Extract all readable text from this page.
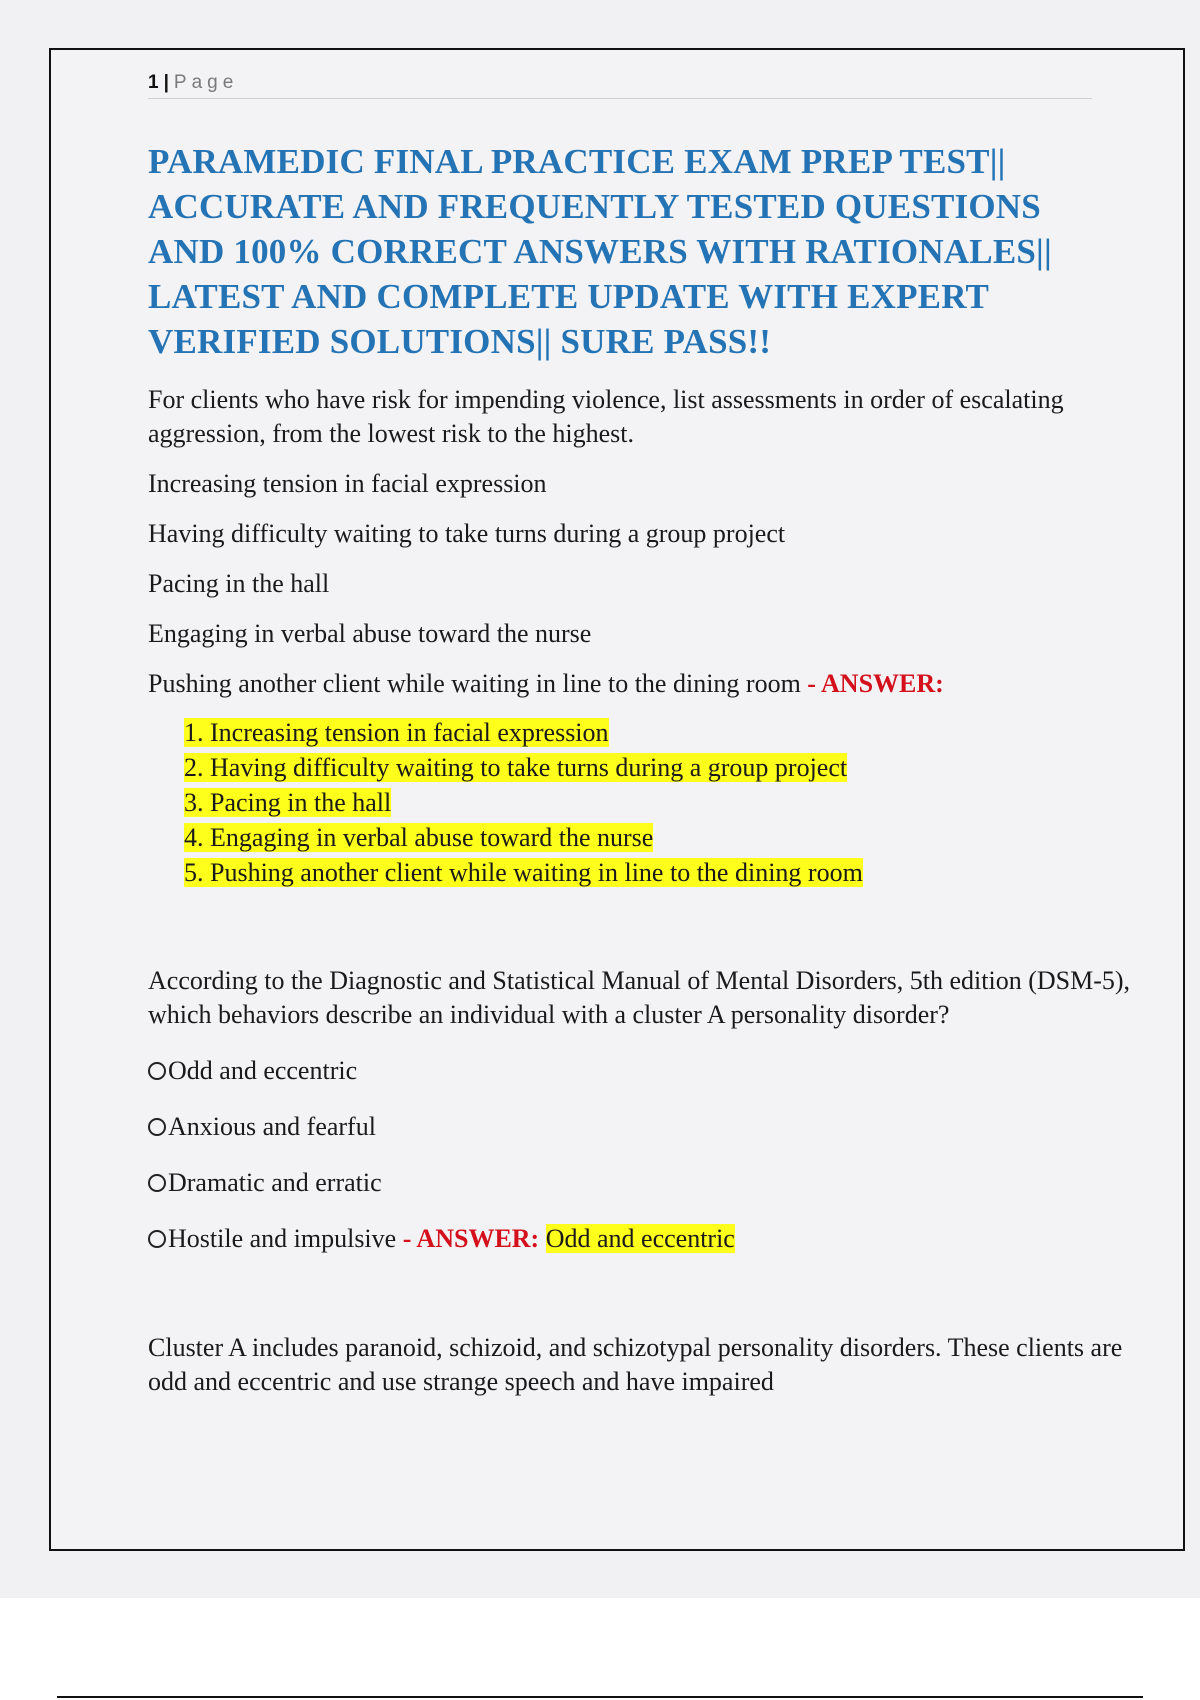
1 | Page
PARAMEDIC FINAL PRACTICE EXAM PREP TEST||
ACCURATE AND FREQUENTLY TESTED QUESTIONS
AND 100% CORRECT ANSWERS WITH RATIONALES||
LATEST AND COMPLETE UPDATE WITH EXPERT
VERIFIED SOLUTIONS|| SURE PASS!!

For clients who have risk for impending violence, list assessments in order of escalating aggression, from the lowest risk to the highest.

Increasing tension in facial expression

Having difficulty waiting to take turns during a group project

Pacing in the hall

Engaging in verbal abuse toward the nurse

Pushing another client while waiting in line to the dining room - ANSWER:

1. Increasing tension in facial expression
2. Having difficulty waiting to take turns during a group project
3. Pacing in the hall
4. Engaging in verbal abuse toward the nurse
5. Pushing another client while waiting in line to the dining room

According to the Diagnostic and Statistical Manual of Mental Disorders, 5th edition (DSM-5), which behaviors describe an individual with a cluster A personality disorder?

Odd and eccentric

Anxious and fearful

Dramatic and erratic

Hostile and impulsive - ANSWER: Odd and eccentric

Cluster A includes paranoid, schizoid, and schizotypal personality disorders. These clients are odd and eccentric and use strange speech and have impaired
